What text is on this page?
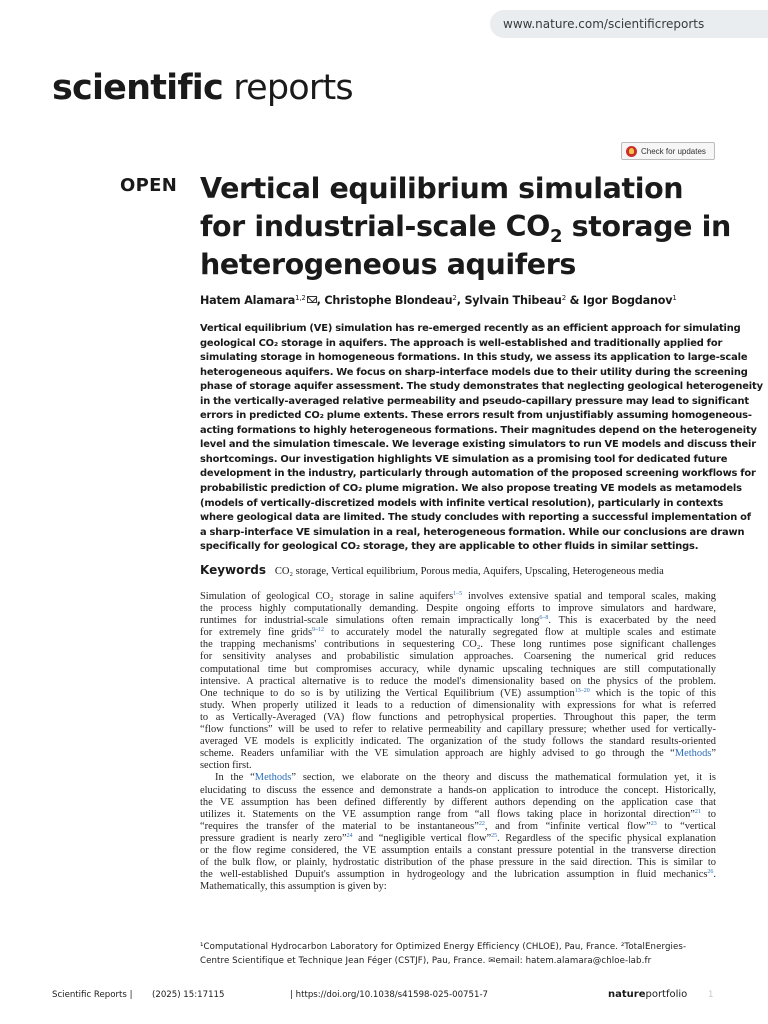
www.nature.com/scientificreports
scientific reports
Check for updates
OPEN Vertical equilibrium simulation
for industrial-scale $CO_2$ storage in
heterogeneous aquifers
Hatem Alamara$^{1,2}$ , Christophe Blondeau$^2$, Sylvain Thibeau$^2$ & Igor Bogdanov$^1$
Vertical equilibrium (VE) simulation has re-emerged recently as an efficient approach for simulating
geological CO₂ storage in aquifers. The approach is well-established and traditionally applied for
simulating storage in homogeneous formations. In this study, we assess its application to large-scale
heterogeneous aquifers. We focus on sharp-interface models due to their utility during the screening
phase of storage aquifer assessment. The study demonstrates that neglecting geological heterogeneity
in the vertically-averaged relative permeability and pseudo-capillary pressure may lead to significant
errors in predicted CO₂ plume extents. These errors result from unjustifiably assuming homogeneous-
acting formations to highly heterogeneous formations. Their magnitudes depend on the heterogeneity
level and the simulation timescale. We leverage existing simulators to run VE models and discuss their
shortcomings. Our investigation highlights VE simulation as a promising tool for dedicated future
development in the industry, particularly through automation of the proposed screening workflows for
probabilistic prediction of CO₂ plume migration. We also propose treating VE models as metamodels
(models of vertically-discretized models with infinite vertical resolution), particularly in contexts
where geological data are limited. The study concludes with reporting a successful implementation of
a sharp-interface VE simulation in a real, heterogeneous formation. While our conclusions are drawn
specifically for geological CO₂ storage, they are applicable to other fluids in similar settings.
Keywords CO₂ storage, Vertical equilibrium, Porous media, Aquifers, Upscaling, Heterogeneous media
Simulation of geological CO₂ storage in saline aquifers$^{1-5}$ involves extensive spatial and temporal scales, making
the process highly computationally demanding. Despite ongoing efforts to improve simulators and hardware,
runtimes for industrial-scale simulations often remain impractically long$^{6-8}$. This is exacerbated by the need
for extremely fine grids$^{9-12}$ to accurately model the naturally segregated flow at multiple scales and estimate
the trapping mechanisms' contributions in sequestering CO₂. These long runtimes pose significant challenges
for sensitivity analyses and probabilistic simulation approaches. Coarsening the numerical grid reduces
computational time but compromises accuracy, while dynamic upscaling techniques are still computationally
intensive. A practical alternative is to reduce the model's dimensionality based on the physics of the problem.
One technique to do so is by utilizing the Vertical Equilibrium (VE) assumption$^{13-20}$ which is the topic of this
study. When properly utilized it leads to a reduction of dimensionality with expressions for what is referred
to as Vertically-Averaged (VA) flow functions and petrophysical properties. Throughout this paper, the term
“flow functions” will be used to refer to relative permeability and capillary pressure; whether used for vertically-
averaged VE models is explicitly indicated. The organization of the study follows the standard results-oriented
scheme. Readers unfamiliar with the VE simulation approach are highly advised to go through the “Methods”
section first.
In the “Methods” section, we elaborate on the theory and discuss the mathematical formulation yet, it is
elucidating to discuss the essence and demonstrate a hands-on application to introduce the concept. Historically,
the VE assumption has been defined differently by different authors depending on the application case that
utilizes it. Statements on the VE assumption range from “all flows taking place in horizontal direction”$^{21}$ to
“requires the transfer of the material to be instantaneous”$^{22}$, and from “infinite vertical flow”$^{23}$ to “vertical
pressure gradient is nearly zero”$^{24}$ and “negligible vertical flow”$^{25}$. Regardless of the specific physical explanation
or the flow regime considered, the VE assumption entails a constant pressure potential in the transverse direction
of the bulk flow, or plainly, hydrostatic distribution of the phase pressure in the said direction. This is similar to
the well-established Dupuit's assumption in hydrogeology and the lubrication assumption in fluid mechanics$^{26}$.
Mathematically, this assumption is given by:
¹Computational Hydrocarbon Laboratory for Optimized Energy Efficiency (CHLOE), Pau, France. ²TotalEnergies-
Centre Scientifique et Technique Jean Féger (CSTJF), Pau, France. ✉email: hatem.alamara@chloe-lab.fr
Scientific Reports | (2025) 15:17115	| https://doi.org/10.1038/s41598-025-00751-7	natureportfolio 1
